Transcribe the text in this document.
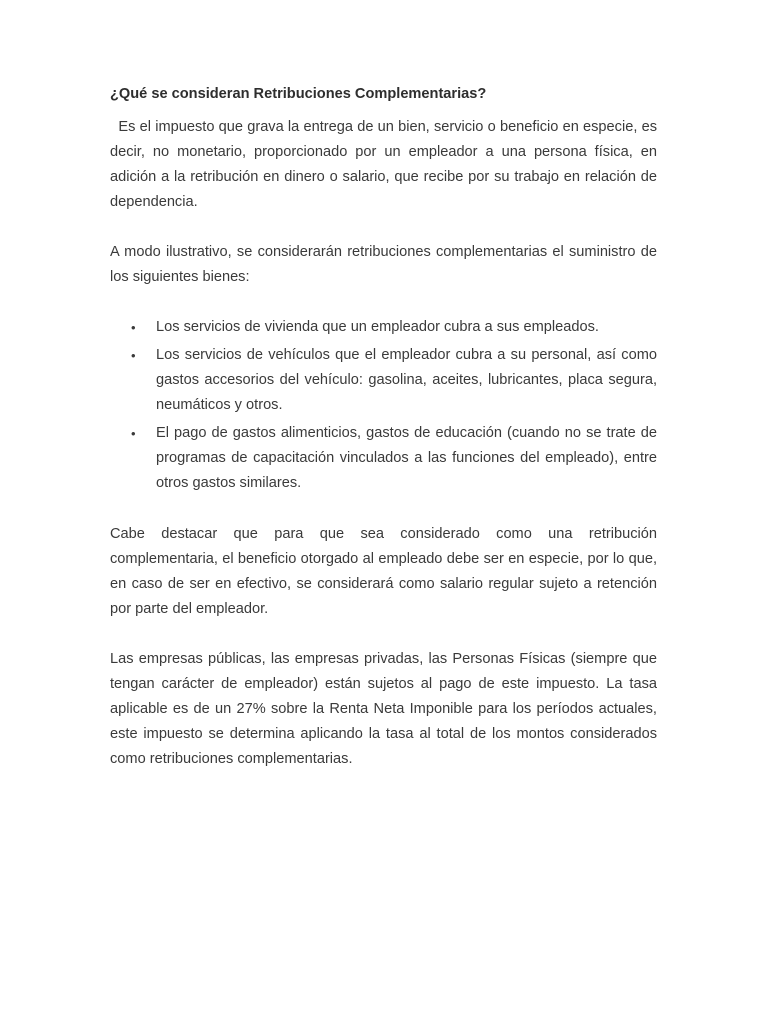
¿Qué se consideran Retribuciones Complementarias?

Es el impuesto que grava la entrega de un bien, servicio o beneficio en especie, es decir, no monetario, proporcionado por un empleador a una persona física, en adición a la retribución en dinero o salario, que recibe por su trabajo en relación de dependencia.

A modo ilustrativo, se considerarán retribuciones complementarias el suministro de los siguientes bienes:

• Los servicios de vivienda que un empleador cubra a sus empleados.
• Los servicios de vehículos que el empleador cubra a su personal, así como gastos accesorios del vehículo: gasolina, aceites, lubricantes, placa segura, neumáticos y otros.
• El pago de gastos alimenticios, gastos de educación (cuando no se trate de programas de capacitación vinculados a las funciones del empleado), entre otros gastos similares.

Cabe destacar que para que sea considerado como una retribución complementaria, el beneficio otorgado al empleado debe ser en especie, por lo que, en caso de ser en efectivo, se considerará como salario regular sujeto a retención por parte del empleador.

Las empresas públicas, las empresas privadas, las Personas Físicas (siempre que tengan carácter de empleador) están sujetos al pago de este impuesto. La tasa aplicable es de un 27% sobre la Renta Neta Imponible para los períodos actuales, este impuesto se determina aplicando la tasa al total de los montos considerados como retribuciones complementarias.
